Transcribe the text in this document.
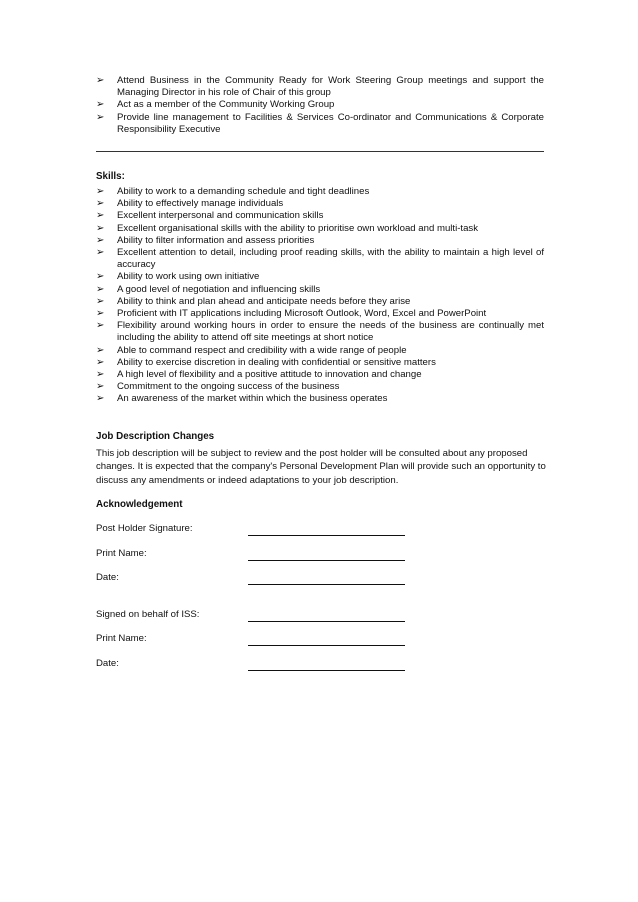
➢ Attend Business in the Community Ready for Work Steering Group meetings and support the Managing Director in his role of Chair of this group
➢ Act as a member of the Community Working Group
➢ Provide line management to Facilities & Services Co-ordinator and Communications & Corporate Responsibility Executive
Skills:
➢ Ability to work to a demanding schedule and tight deadlines
➢ Ability to effectively manage individuals
➢ Excellent interpersonal and communication skills
➢ Excellent organisational skills with the ability to prioritise own workload and multi-task
➢ Ability to filter information and assess priorities
➢ Excellent attention to detail, including proof reading skills, with the ability to maintain a high level of accuracy
➢ Ability to work using own initiative
➢ A good level of negotiation and influencing skills
➢ Ability to think and plan ahead and anticipate needs before they arise
➢ Proficient with IT applications including Microsoft Outlook, Word, Excel and PowerPoint
➢ Flexibility around working hours in order to ensure the needs of the business are continually met including the ability to attend off site meetings at short notice
➢ Able to command respect and credibility with a wide range of people
➢ Ability to exercise discretion in dealing with confidential or sensitive matters
➢ A high level of flexibility and a positive attitude to innovation and change
➢ Commitment to the ongoing success of the business
➢ An awareness of the market within which the business operates
Job Description Changes
This job description will be subject to review and the post holder will be consulted about any proposed changes. It is expected that the company's Personal Development Plan will provide such an opportunity to discuss any amendments or indeed adaptations to your job description.
Acknowledgement
Post Holder Signature:
Print Name:
Date:
Signed on behalf of ISS:
Print Name:
Date:
